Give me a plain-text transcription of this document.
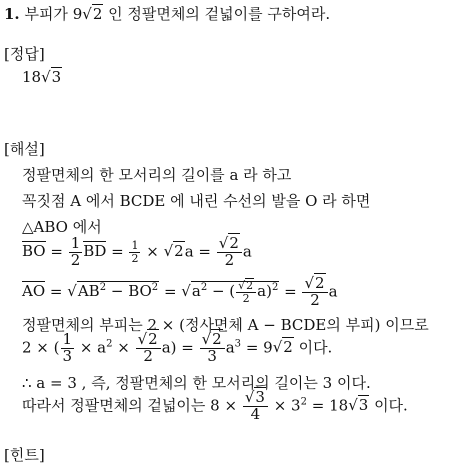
1. 부피가 9√2 인 정팔면체의 겉넓이를 구하여라.
[정답]
18√3
[해설]
정팔면체의 한 모서리의 길이를 a 라 하고
꼭짓점 A 에서 BCDE 에 내린 수선의 발을 O 라 하면
△ABO 에서
BO = $\frac{1}{2}$ BD = $\frac{1}{2} \times √2a = \frac{√2}{2}$ a
AO = $√AB^2 - BO^2 = √a^2$ − ( $\frac{√2}{2} a)^2 = \frac{√2}{2}$ a
정팔면체의 부피는 2 × (정사면체 A − BCDE의 부피) 이므로
2 × ( $\frac{1}{3} \times a^2 \times \frac{√2}{2} a) = \frac{√2}{3} a^3 = 9√2$ 이다.
∴ a = 3 , 즉, 정팔면체의 한 모서리의 길이는 3 이다.
따라서 정팔면체의 겉넓이는 $8 \times \frac{√3}{4} \times 3^2 = 18√3$ 이다.
[힌트]
